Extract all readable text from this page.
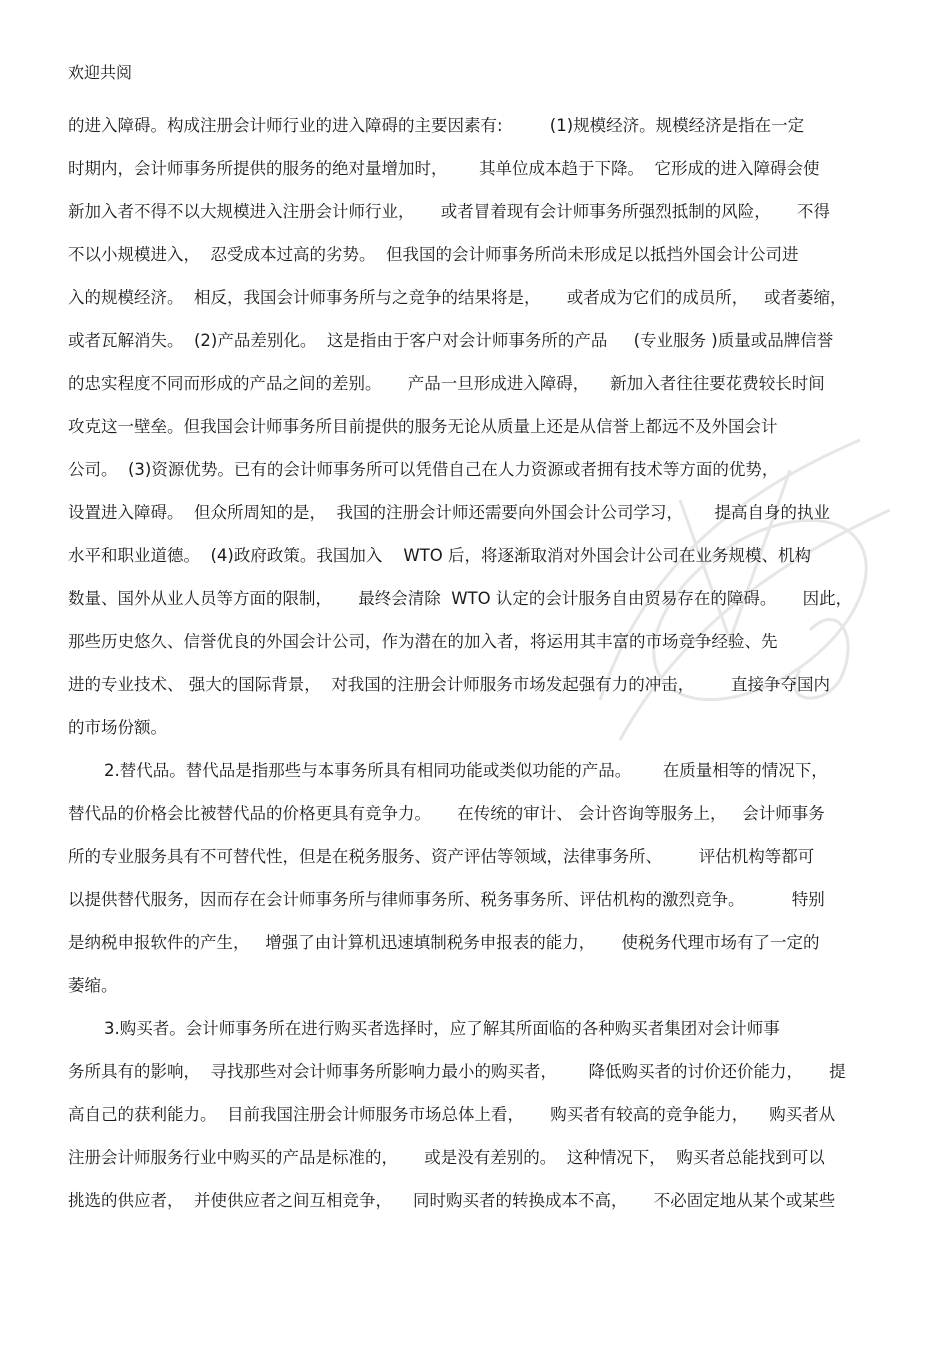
欢迎共阅
的进入障碍。构成注册会计师行业的进入障碍的主要因素有:         (1)规模经济。规模经济是指在一定
时期内，会计师事务所提供的服务的绝对量增加时，      其单位成本趋于下降。  它形成的进入障碍会使
新加入者不得不以大规模进入注册会计师行业，     或者冒着现有会计师事务所强烈抵制的风险，     不得
不以小规模进入，  忍受成本过高的劣势。  但我国的会计师事务所尚未形成足以抵挡外国会计公司进
入的规模经济。  相反，我国会计师事务所与之竞争的结果将是，     或者成为它们的成员所，   或者萎缩，
或者瓦解消失。  (2)产品差别化。  这是指由于客户对会计师事务所的产品     (专业服务 )质量或品牌信誉
的忠实程度不同而形成的产品之间的差别。     产品一旦形成进入障碍，    新加入者往往要花费较长时间
攻克这一壁垒。但我国会计师事务所目前提供的服务无论从质量上还是从信誉上都远不及外国会计
公司。  (3)资源优势。已有的会计师事务所可以凭借自己在人力资源或者拥有技术等方面的优势，
设置进入障碍。  但众所周知的是，  我国的注册会计师还需要向外国会计公司学习，      提高自身的执业
水平和职业道德。  (4)政府政策。我国加入    WTO 后，将逐渐取消对外国会计公司在业务规模、机构
数量、国外从业人员等方面的限制，     最终会清除  WTO 认定的会计服务自由贸易存在的障碍。     因此，
那些历史悠久、信誉优良的外国会计公司，作为潜在的加入者，将运用其丰富的市场竞争经验、先
进的专业技术、 强大的国际背景，  对我国的注册会计师服务市场发起强有力的冲击，       直接争夺国内
的市场份额。
2.替代品。替代品是指那些与本事务所具有相同功能或类似功能的产品。      在质量相等的情况下，
替代品的价格会比被替代品的价格更具有竞争力。     在传统的审计、 会计咨询等服务上，   会计师事务
所的专业服务具有不可替代性，但是在税务服务、资产评估等领域，法律事务所、       评估机构等都可
以提供替代服务，因而存在会计师事务所与律师事务所、税务事务所、评估机构的激烈竞争。         特别
是纳税申报软件的产生，   增强了由计算机迅速填制税务申报表的能力，     使税务代理市场有了一定的
萎缩。
3.购买者。会计师事务所在进行购买者选择时，应了解其所面临的各种购买者集团对会计师事
务所具有的影响，  寻找那些对会计师事务所影响力最小的购买者，      降低购买者的讨价还价能力，     提
高自己的获利能力。  目前我国注册会计师服务市场总体上看，     购买者有较高的竞争能力，    购买者从
注册会计师服务行业中购买的产品是标准的，     或是没有差别的。  这种情况下，  购买者总能找到可以
挑选的供应者，  并使供应者之间互相竞争，    同时购买者的转换成本不高，     不必固定地从某个或某些
